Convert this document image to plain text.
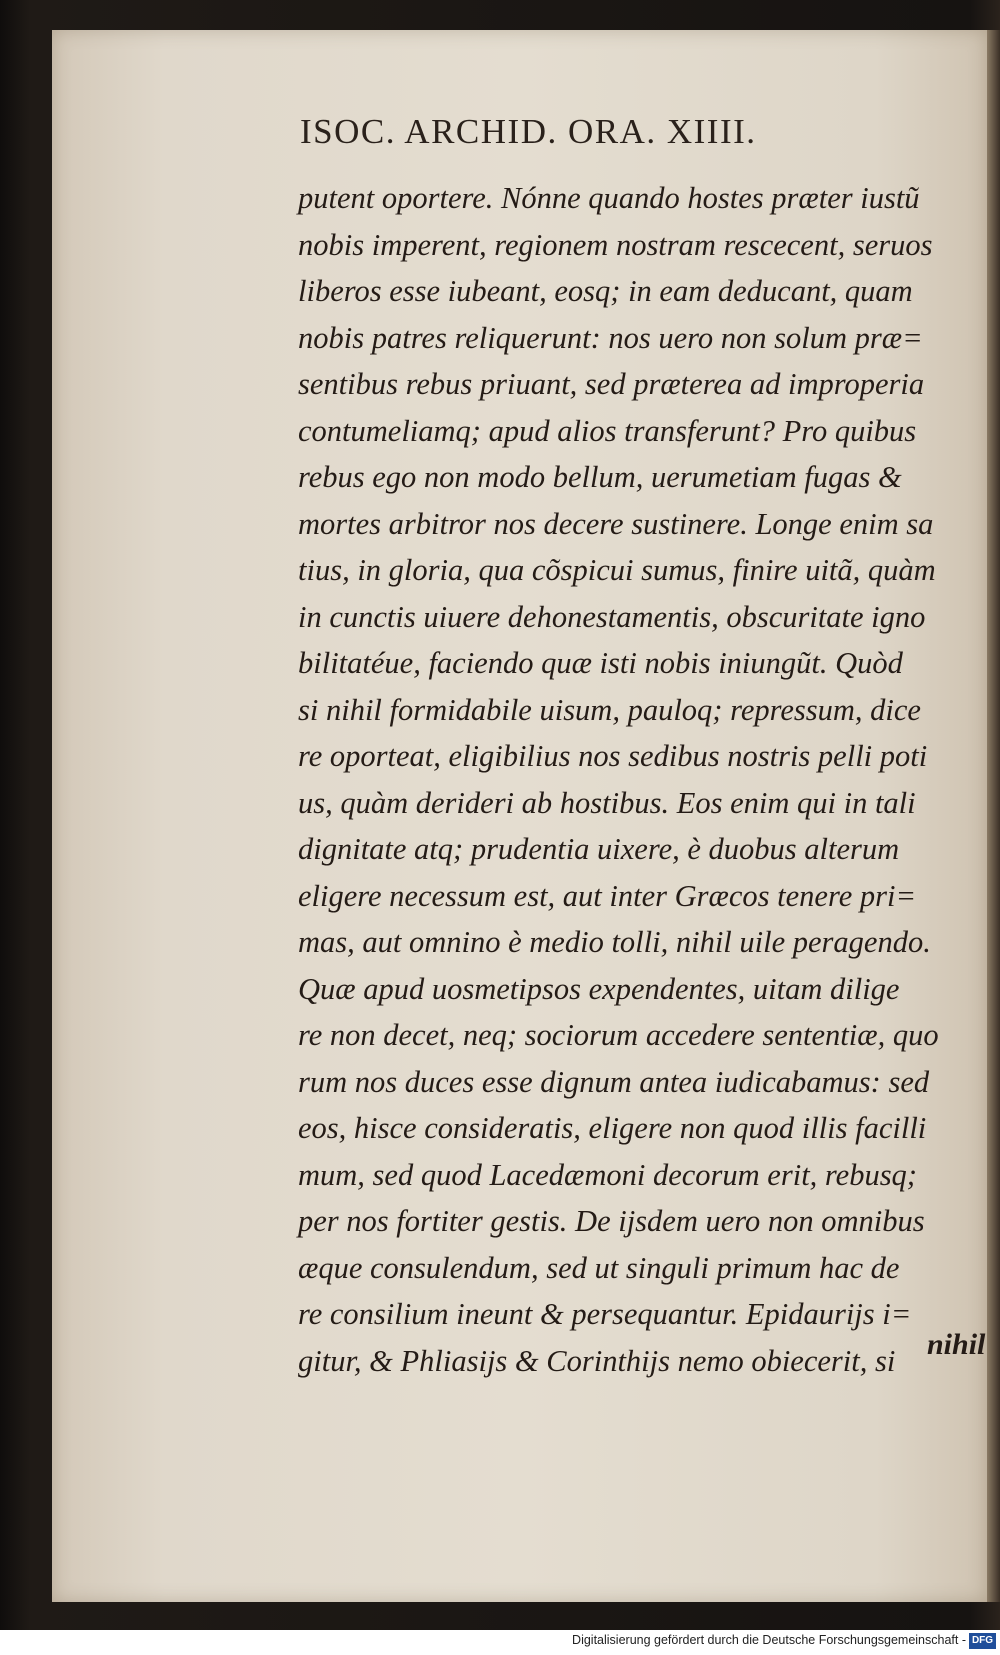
ISOC. ARCHID. ORA. XIIII.
putent oportere. Nónne quando hostes præter iustũ
nobis imperent, regionem nostram rescecent, seruos
liberos esse iubeant, eosq; in eam deducant, quam
nobis patres reliquerunt: nos uero non solum præ=
sentibus rebus priuant, sed præterea ad improperia
contumeliamq; apud alios transferunt? Pro quibus
rebus ego non modo bellum, uerumetiam fugas &
mortes arbitror nos decere sustinere. Longe enim sa
tius, in gloria, qua cõspicui sumus, finire uitã, quàm
in cunctis uiuere dehonestamentis, obscuritate igno
bilitatéue, faciendo quæ isti nobis iniungũt. Quòd
si nihil formidabile uisum, pauloq; repressum, dice
re oporteat, eligibilius nos sedibus nostris pelli poti
us, quàm derideri ab hostibus. Eos enim qui in tali
dignitate atq; prudentia uixere, è duobus alterum
eligere necessum est, aut inter Græcos tenere pri=
mas, aut omnino è medio tolli, nihil uile peragendo.
Quæ apud uosmetipsos expendentes, uitam dilige
re non decet, neq; sociorum accedere sententiæ, quo
rum nos duces esse dignum antea iudicabamus: sed
eos, hisce consideratis, eligere non quod illis facilli
mum, sed quod Lacedæmoni decorum erit, rebusq;
per nos fortiter gestis. De ijsdem uero non omnibus
æque consulendum, sed ut singuli primum hac de
re consilium ineunt & persequantur. Epidaurijs i=
gitur, & Phliasijs & Corinthijs nemo obiecerit, si	nihil
Digitalisierung gefördert durch die Deutsche Forschungsgemeinschaft - DFG
